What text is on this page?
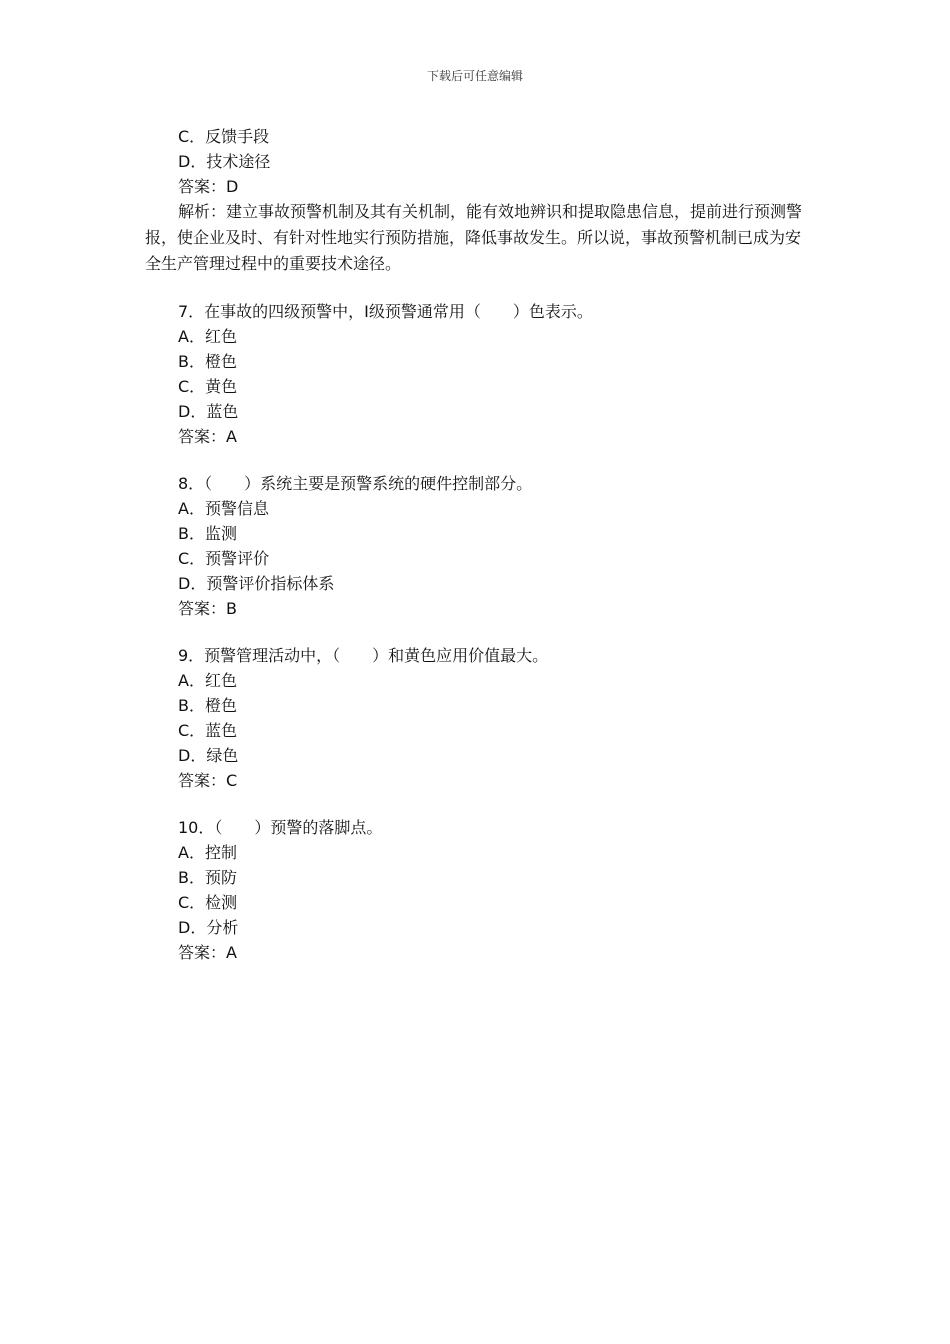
下载后可任意编辑
C．反馈手段
D．技术途径
答案：D

解析：建立事故预警机制及其有关机制，能有效地辨识和提取隐患信息，提前进行预测警报，使企业及时、有针对性地实行预防措施，降低事故发生。所以说，事故预警机制已成为安全生产管理过程中的重要技术途径。

7．在事故的四级预警中，Ⅰ级预警通常用（　　）色表示。
A．红色
B．橙色
C．黄色
D．蓝色
答案：A
8．（　　）系统主要是预警系统的硬件控制部分。
A．预警信息
B．监测
C．预警评价
D．预警评价指标体系
答案：B
9．预警管理活动中，（　　）和黄色应用价值最大。
A．红色
B．橙色
C．蓝色
D．绿色
答案：C
10．（　　）预警的落脚点。
A．控制
B．预防
C．检测
D．分析
答案：A
